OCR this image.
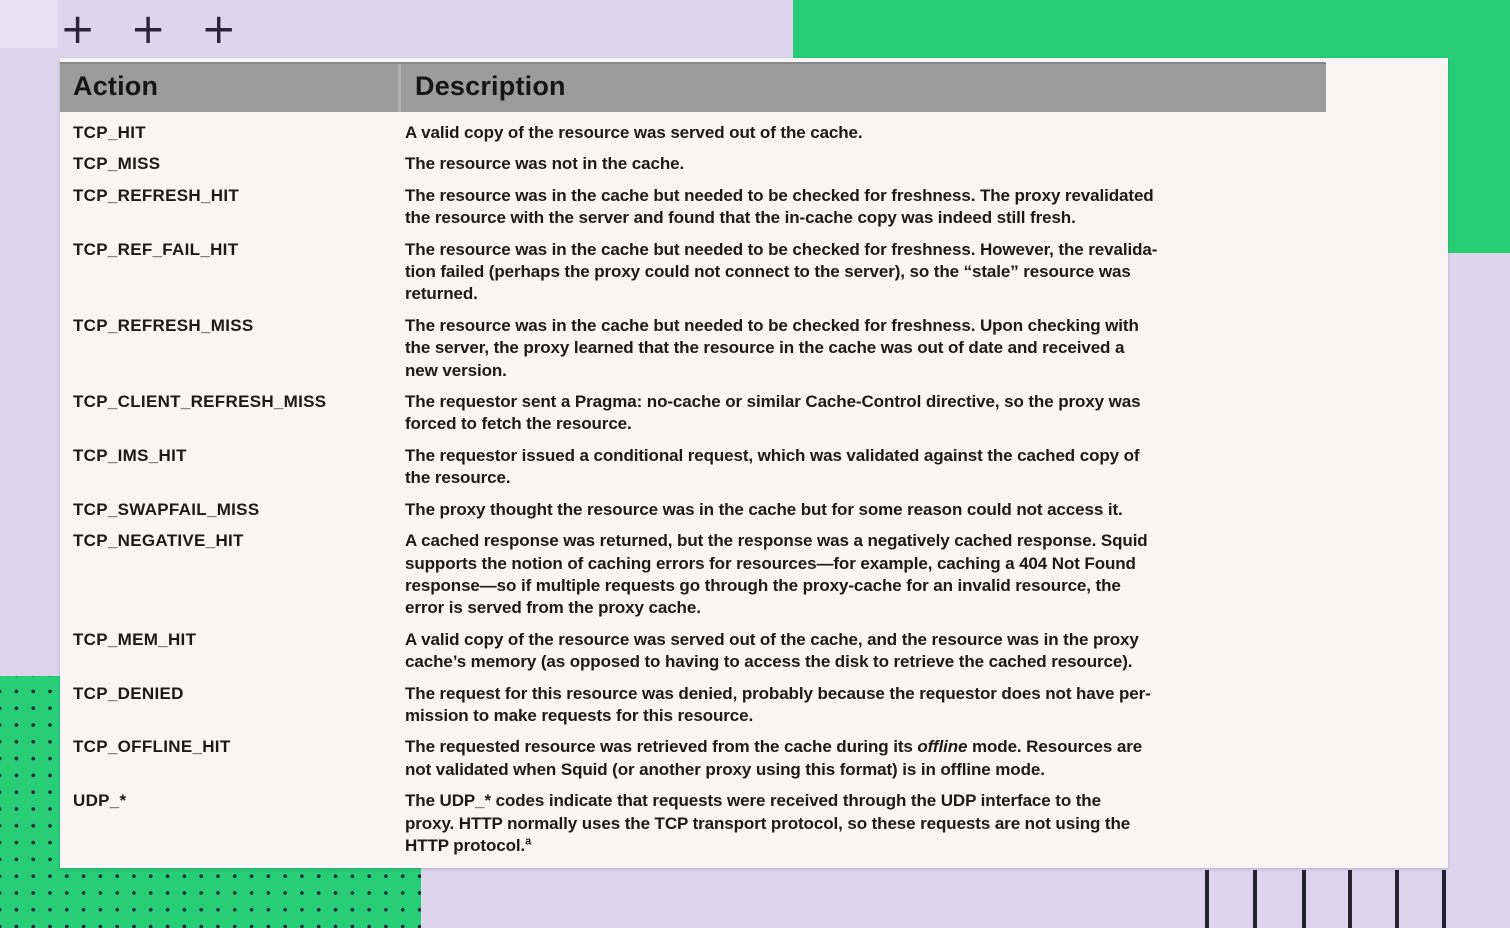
+ + +
Action	Description
TCP_HIT	A valid copy of the resource was served out of the cache.
TCP_MISS	The resource was not in the cache.
TCP_REFRESH_HIT	The resource was in the cache but needed to be checked for freshness. The proxy revalidated
the resource with the server and found that the in-cache copy was indeed still fresh.
TCP_REF_FAIL_HIT	The resource was in the cache but needed to be checked for freshness. However, the revalida-
tion failed (perhaps the proxy could not connect to the server), so the “stale” resource was
returned.
TCP_REFRESH_MISS	The resource was in the cache but needed to be checked for freshness. Upon checking with
the server, the proxy learned that the resource in the cache was out of date and received a
new version.
TCP_CLIENT_REFRESH_MISS	The requestor sent a Pragma: no-cache or similar Cache-Control directive, so the proxy was
forced to fetch the resource.
TCP_IMS_HIT	The requestor issued a conditional request, which was validated against the cached copy of
the resource.
TCP_SWAPFAIL_MISS	The proxy thought the resource was in the cache but for some reason could not access it.
TCP_NEGATIVE_HIT	A cached response was returned, but the response was a negatively cached response. Squid
supports the notion of caching errors for resources—for example, caching a 404 Not Found
response—so if multiple requests go through the proxy-cache for an invalid resource, the
error is served from the proxy cache.
TCP_MEM_HIT	A valid copy of the resource was served out of the cache, and the resource was in the proxy
cache’s memory (as opposed to having to access the disk to retrieve the cached resource).
TCP_DENIED	The request for this resource was denied, probably because the requestor does not have per-
mission to make requests for this resource.
TCP_OFFLINE_HIT	The requested resource was retrieved from the cache during its offline mode. Resources are
not validated when Squid (or another proxy using this format) is in offline mode.
UDP_*	The UDP_* codes indicate that requests were received through the UDP interface to the
proxy. HTTP normally uses the TCP transport protocol, so these requests are not using the
HTTP protocol.$^a$
